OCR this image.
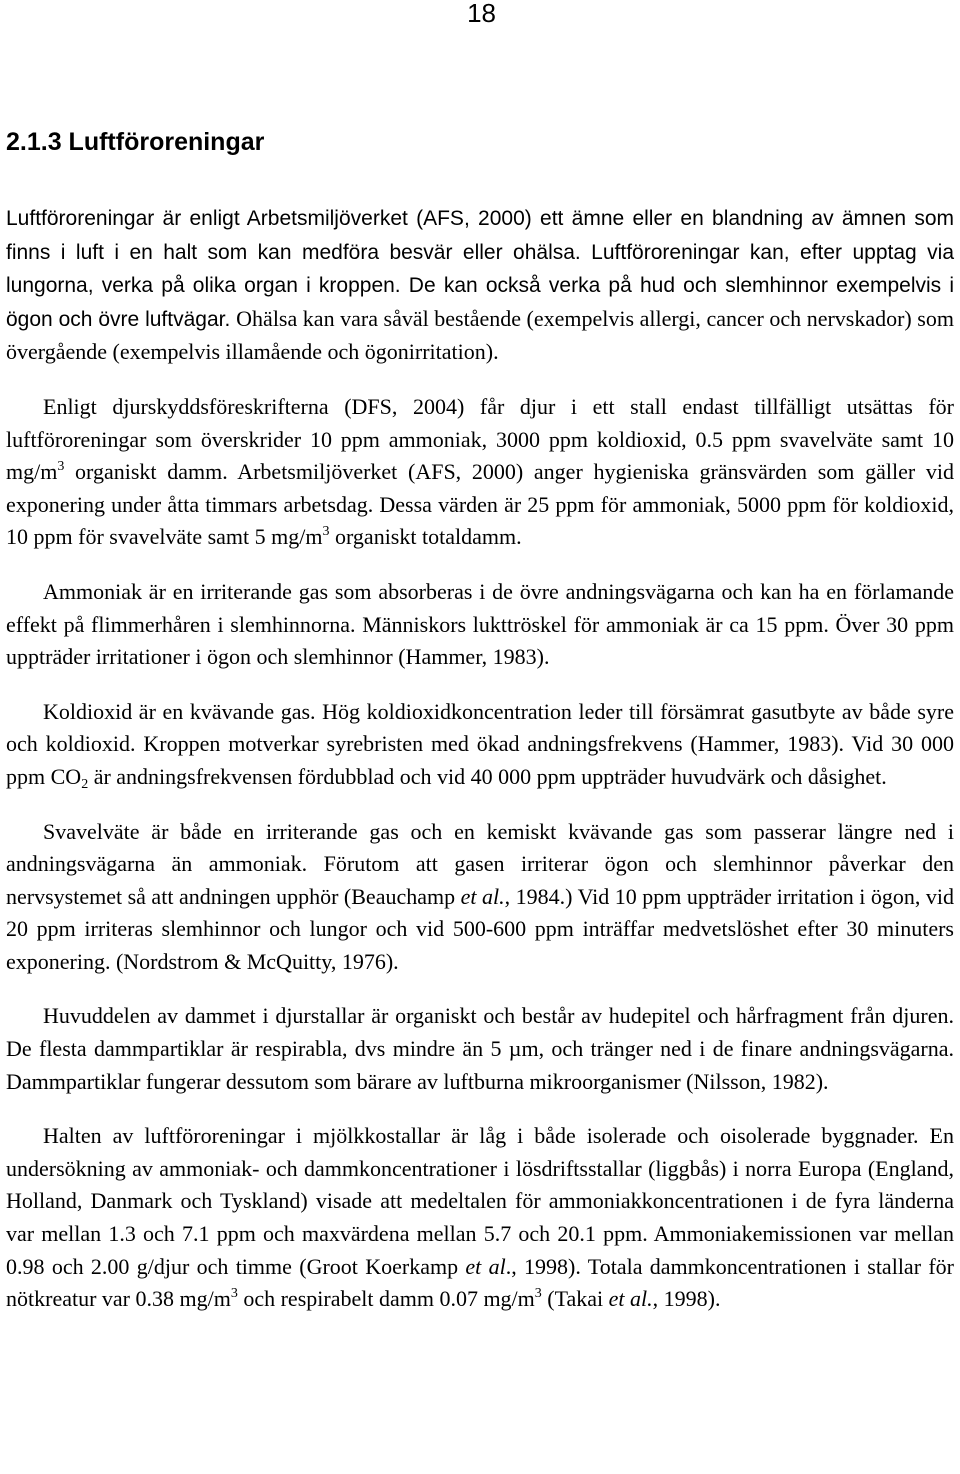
18
2.1.3 Luftföroreningar

Luftföroreningar är enligt Arbetsmiljöverket (AFS, 2000) ett ämne eller en blandning av ämnen som finns i luft i en halt som kan medföra besvär eller ohälsa. Luftföroreningar kan, efter upptag via lungorna, verka på olika organ i kroppen. De kan också verka på hud och slemhinnor exempelvis i ögon och övre luftvägar. Ohälsa kan vara såväl bestående (exempelvis allergi, cancer och nervskador) som övergående (exempelvis illamående och ögonirritation).

Enligt djurskyddsföreskrifterna (DFS, 2004) får djur i ett stall endast tillfälligt utsättas för luftföroreningar som överskrider 10 ppm ammoniak, 3000 ppm koldioxid, 0.5 ppm svavelväte samt 10 $mg/m^3$ organiskt damm. Arbetsmiljöverket (AFS, 2000) anger hygieniska gränsvärden som gäller vid exponering under åtta timmars arbetsdag. Dessa värden är 25 ppm för ammoniak, 5000 ppm för koldioxid, 10 ppm för svavelväte samt 5 $mg/m^3$ organiskt totaldamm.

Ammoniak är en irriterande gas som absorberas i de övre andningsvägarna och kan ha en förlamande effekt på flimmerhåren i slemhinnorna. Människors lukttröskel för ammoniak är ca 15 ppm. Över 30 ppm uppträder irritationer i ögon och slemhinnor (Hammer, 1983).

Koldioxid är en kvävande gas. Hög koldioxidkoncentration leder till försämrat gasutbyte av både syre och koldioxid. Kroppen motverkar syrebristen med ökad andningsfrekvens (Hammer, 1983). Vid 30 000 ppm $CO_2$ är andningsfrekvensen fördubblad och vid 40 000 ppm uppträder huvudvärk och dåsighet.

Svavelväte är både en irriterande gas och en kemiskt kvävande gas som passerar längre ned i andningsvägarna än ammoniak. Förutom att gasen irriterar ögon och slemhinnor påverkar den nervsystemet så att andningen upphör (Beauchamp et al., 1984.) Vid 10 ppm uppträder irritation i ögon, vid 20 ppm irriteras slemhinnor och lungor och vid 500-600 ppm inträffar medvetslöshet efter 30 minuters exponering. (Nordstrom & McQuitty, 1976).

Huvuddelen av dammet i djurstallar är organiskt och består av hudepitel och hårfragment från djuren. De flesta dammpartiklar är respirabla, dvs mindre än 5 µm, och tränger ned i de finare andningsvägarna. Dammpartiklar fungerar dessutom som bärare av luftburna mikroorganismer (Nilsson, 1982).

Halten av luftföroreningar i mjölkkostallar är låg i både isolerade och oisolerade byggnader. En undersökning av ammoniak- och dammkoncentrationer i lösdriftsstallar (liggbås) i norra Europa (England, Holland, Danmark och Tyskland) visade att medeltalen för ammoniakkoncentrationen i de fyra länderna var mellan 1.3 och 7.1 ppm och maxvärdena mellan 5.7 och 20.1 ppm. Ammoniakemissionen var mellan 0.98 och 2.00 g/djur och timme (Groot Koerkamp et al., 1998). Totala dammkoncentrationen i stallar för nötkreatur var 0.38 $mg/m^3$ och respirabelt damm 0.07 $mg/m^3$ (Takai et al., 1998).
